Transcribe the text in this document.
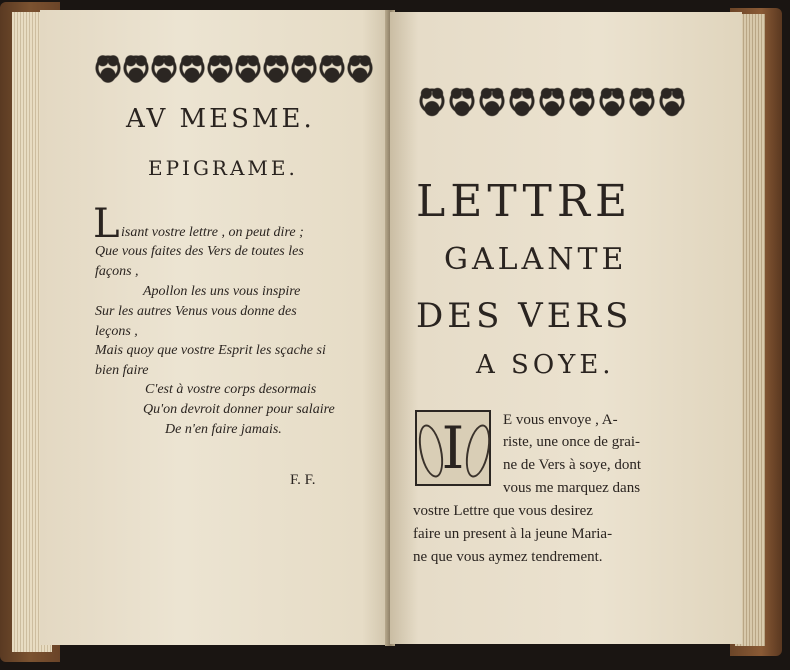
AV MESME.
EPIGRAME.
L isant vostre lettre , on peut dire ;
Que vous faites des Vers de toutes les
façons ,
Apollon les uns vous inspire
Sur les autres Venus vous donne des
leçons ,
Mais quoy que vostre Esprit les sçache si
bien faire
C'est à vostre corps desormais
Qu'on devroit donner pour salaire
De n'en faire jamais.
F. F.
LETTRE
GALANTE
DES VERS
A SOYE.
I	E vous envoye , A-
riste, une once de grai-
ne de Vers à soye, dont
vous me marquez dans
vostre Lettre que vous desirez
faire un present à la jeune Maria-
ne que vous aymez tendrement.
